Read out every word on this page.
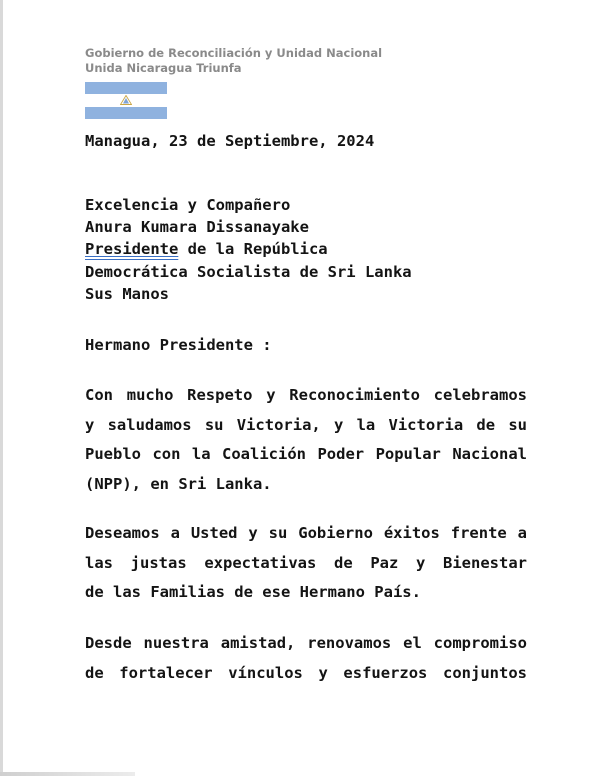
Gobierno de Reconciliación y Unidad Nacional
Unida Nicaragua Triunfa
Managua, 23 de Septiembre, 2024
Excelencia y Compañero
Anura Kumara Dissanayake
Presidente de la República
Democrática Socialista de Sri Lanka
Sus Manos
Hermano Presidente :
Con mucho Respeto y Reconocimiento celebramos
y saludamos su Victoria, y la Victoria de su
Pueblo con la Coalición Poder Popular Nacional
(NPP), en Sri Lanka.
Deseamos a Usted y su Gobierno éxitos frente a
las justas expectativas de Paz y Bienestar
de las Familias de ese Hermano País.
Desde nuestra amistad, renovamos el compromiso
de fortalecer vínculos y esfuerzos conjuntos
